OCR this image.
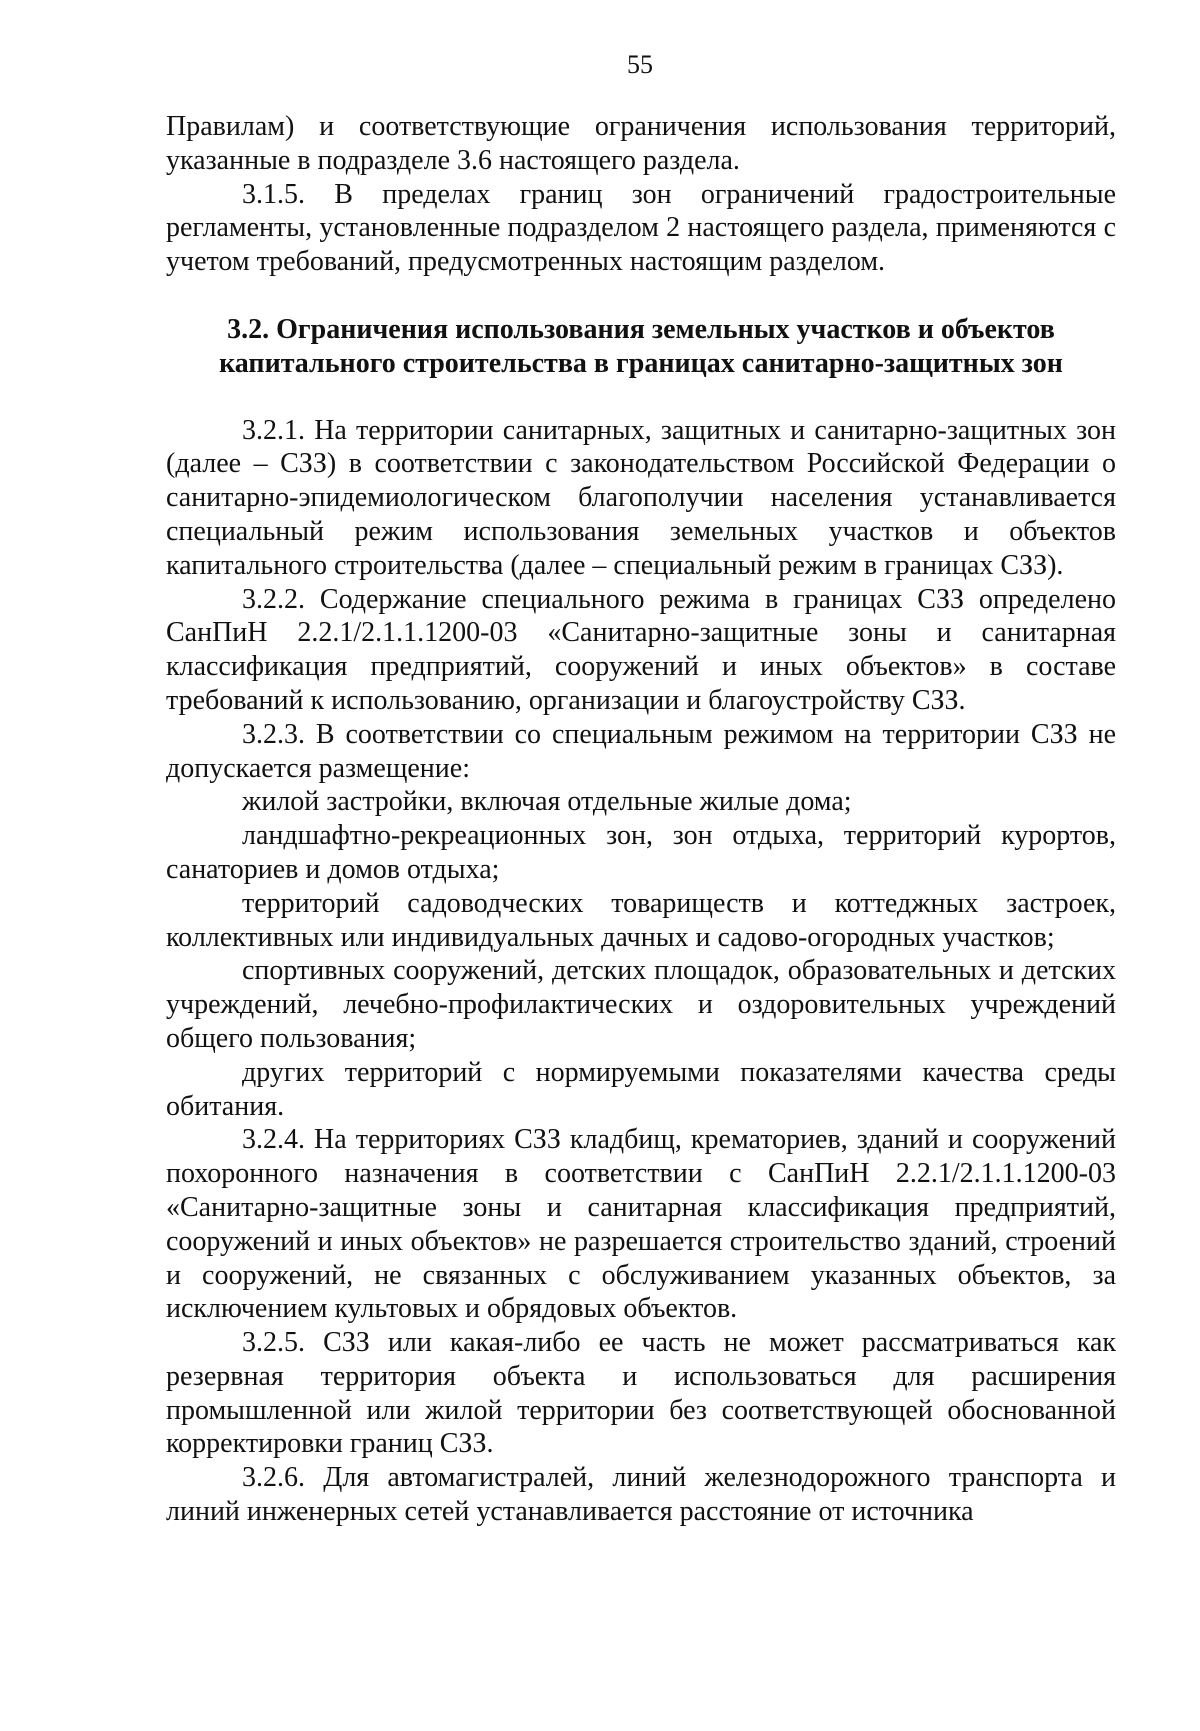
55

Правилам) и соответствующие ограничения использования территорий, указанные в подразделе 3.6 настоящего раздела.

3.1.5. В пределах границ зон ограничений градостроительные регламенты, установленные подразделом 2 настоящего раздела, применяются с учетом требований, предусмотренных настоящим разделом.

3.2. Ограничения использования земельных участков и объектов
капитального строительства в границах санитарно-защитных зон

3.2.1. На территории санитарных, защитных и санитарно-защитных зон (далее – СЗЗ) в соответствии с законодательством Российской Федерации о санитарно-эпидемиологическом благополучии населения устанавливается специальный режим использования земельных участков и объектов капитального строительства (далее – специальный режим в границах СЗЗ).

3.2.2. Содержание специального режима в границах СЗЗ определено СанПиН 2.2.1/2.1.1.1200-03 «Санитарно-защитные зоны и санитарная классификация предприятий, сооружений и иных объектов» в составе требований к использованию, организации и благоустройству СЗЗ.

3.2.3. В соответствии со специальным режимом на территории СЗЗ не допускается размещение:

жилой застройки, включая отдельные жилые дома;

ландшафтно-рекреационных зон, зон отдыха, территорий курортов, санаториев и домов отдыха;

территорий садоводческих товариществ и коттеджных застроек, коллективных или индивидуальных дачных и садово-огородных участков;

спортивных сооружений, детских площадок, образовательных и детских учреждений, лечебно-профилактических и оздоровительных учреждений общего пользования;

других территорий с нормируемыми показателями качества среды обитания.

3.2.4. На территориях СЗЗ кладбищ, крематориев, зданий и сооружений похоронного назначения в соответствии с СанПиН 2.2.1/2.1.1.1200-03 «Санитарно-защитные зоны и санитарная классификация предприятий, сооружений и иных объектов» не разрешается строительство зданий, строений и сооружений, не связанных с обслуживанием указанных объектов, за исключением культовых и обрядовых объектов.

3.2.5. СЗЗ или какая-либо ее часть не может рассматриваться как резервная территория объекта и использоваться для расширения промышленной или жилой территории без соответствующей обоснованной корректировки границ СЗЗ.

3.2.6. Для автомагистралей, линий железнодорожного транспорта и линий инженерных сетей устанавливается расстояние от источника
